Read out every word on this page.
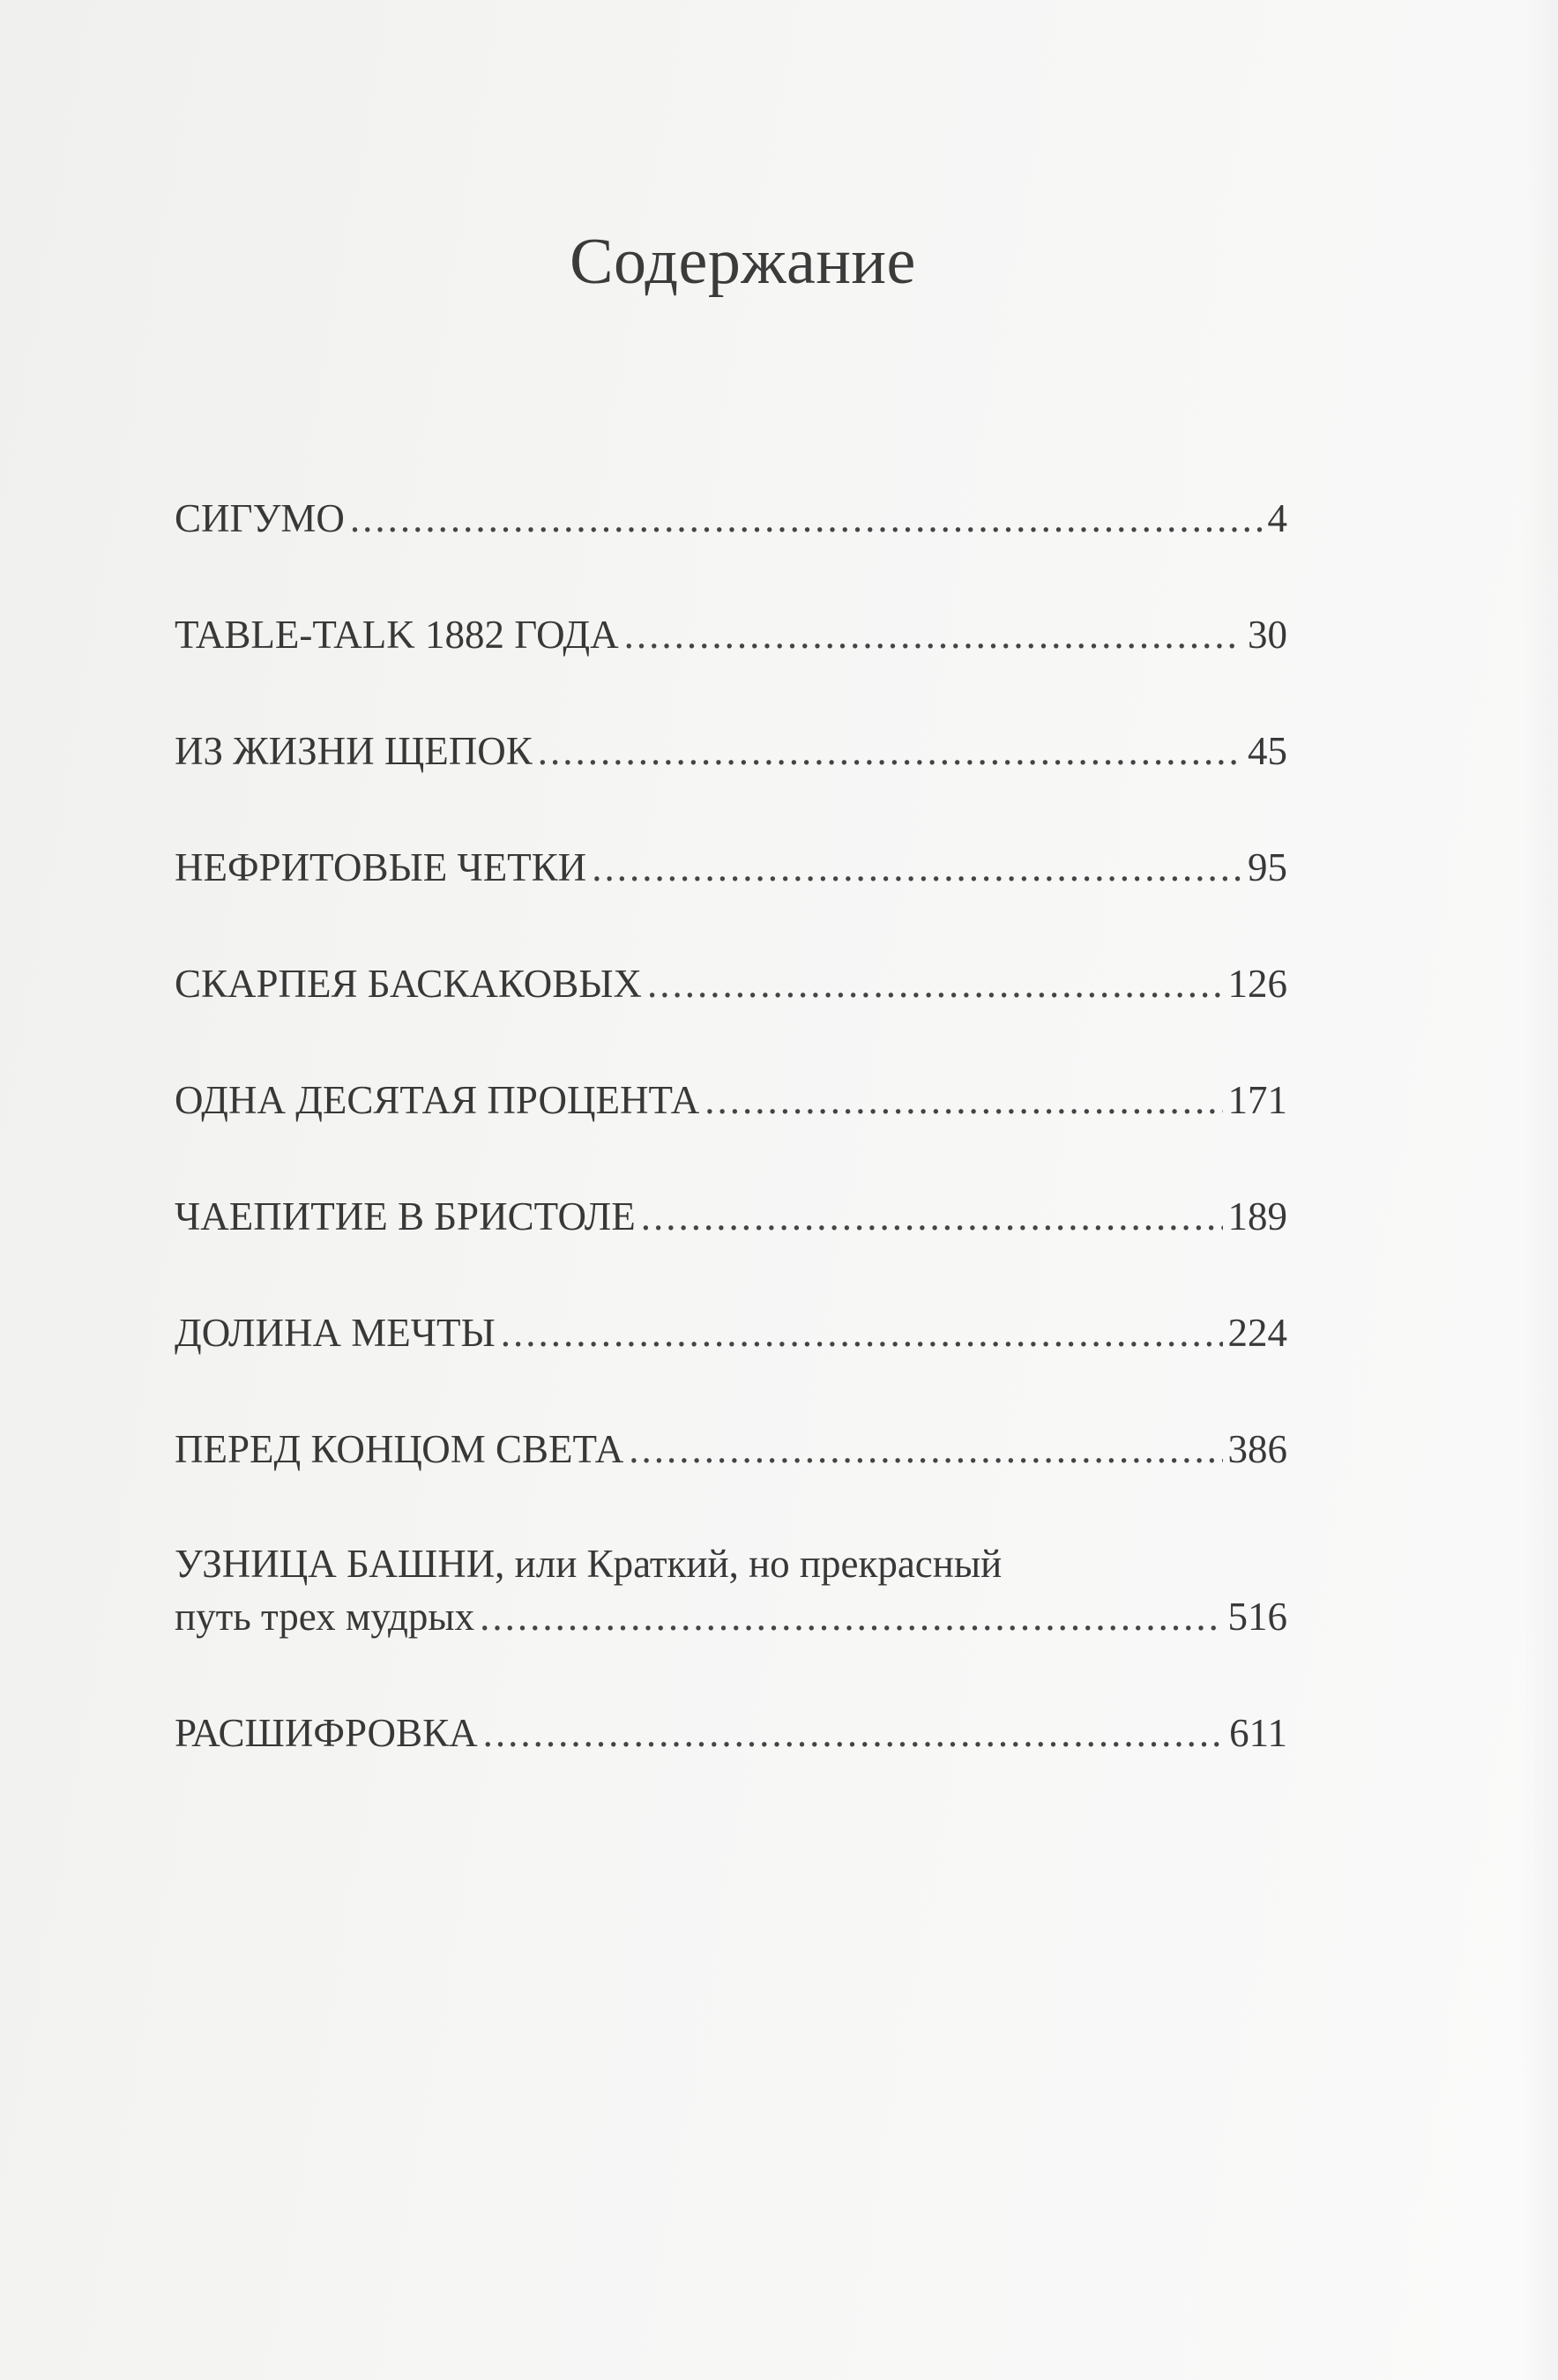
Содержание
СИГУМО .....	4
TABLE-TALK 1882 ГОДА .....	30
ИЗ ЖИЗНИ ЩЕПОК .....	45
НЕФРИТОВЫЕ ЧЕТКИ .....	95
СКАРПЕЯ БАСКАКОВЫХ .....	126
ОДНА ДЕСЯТАЯ ПРОЦЕНТА .....	171
ЧАЕПИТИЕ В БРИСТОЛЕ .....	189
ДОЛИНА МЕЧТЫ .....	224
ПЕРЕД КОНЦОМ СВЕТА .....	386
УЗНИЦА БАШНИ, или Краткий, но прекрасный
путь трех мудрых .....	516
РАСШИФРОВКА .....	611
